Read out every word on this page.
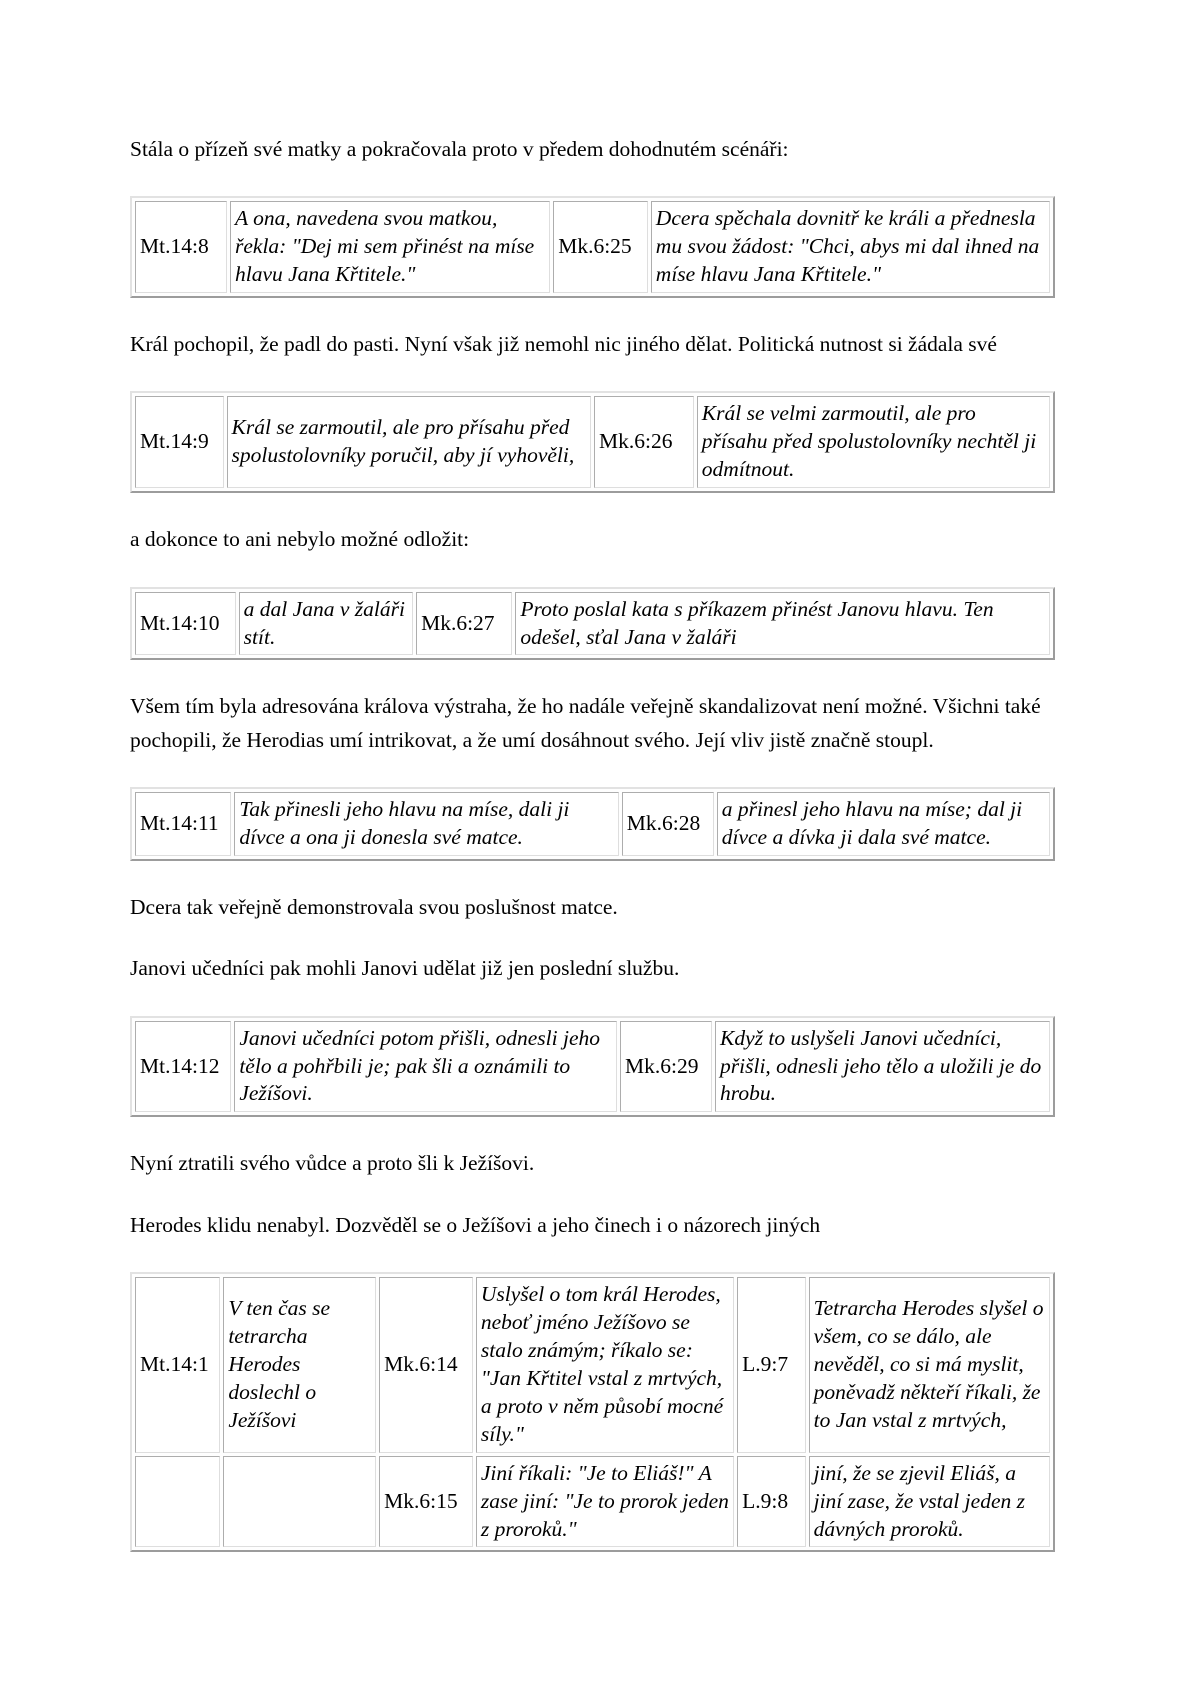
Stála o přízeň své matky a pokračovala proto v předem dohodnutém scénáři:

Mt.14:8	A ona, navedena svou matkou, řekla: "Dej mi sem přinést na míse hlavu Jana Křtitele."	Mk.6:25	Dcera spěchala dovnitř ke králi a přednesla mu svou žádost: "Chci, abys mi dal ihned na míse hlavu Jana Křtitele."

Král pochopil, že padl do pasti. Nyní však již nemohl nic jiného dělat. Politická nutnost si žádala své

Mt.14:9	Král se zarmoutil, ale pro přísahu před spolustolovníky poručil, aby jí vyhověli,	Mk.6:26	Král se velmi zarmoutil, ale pro přísahu před spolustolovníky nechtěl ji odmítnout.

a dokonce to ani nebylo možné odložit:

Mt.14:10	a dal Jana v žaláři stít.	Mk.6:27	Proto poslal kata s příkazem přinést Janovu hlavu. Ten odešel, sťal Jana v žaláři

Všem tím byla adresována králova výstraha, že ho nadále veřejně skandalizovat není možné. Všichni také pochopili, že Herodias umí intrikovat, a že umí dosáhnout svého. Její vliv jistě značně stoupl.

Mt.14:11	Tak přinesli jeho hlavu na míse, dali ji dívce a ona ji donesla své matce.	Mk.6:28	a přinesl jeho hlavu na míse; dal ji dívce a dívka ji dala své matce.

Dcera tak veřejně demonstrovala svou poslušnost matce.

Janovi učedníci pak mohli Janovi udělat již jen poslední službu.

Mt.14:12	Janovi učedníci potom přišli, odnesli jeho tělo a pohřbili je; pak šli a oznámili to Ježíšovi.	Mk.6:29	Když to uslyšeli Janovi učedníci, přišli, odnesli jeho tělo a uložili je do hrobu.

Nyní ztratili svého vůdce a proto šli k Ježíšovi.

Herodes klidu nenabyl. Dozvěděl se o Ježíšovi a jeho činech i o názorech jiných

Mt.14:1	V ten čas se tetrarcha Herodes doslechl o Ježíšovi	Mk.6:14	Uslyšel o tom král Herodes, neboť jméno Ježíšovo se stalo známým; říkalo se: "Jan Křtitel vstal z mrtvých, a proto v něm působí mocné síly."	L.9:7	Tetrarcha Herodes slyšel o všem, co se dálo, ale nevěděl, co si má myslit, poněvadž někteří říkali, že to Jan vstal z mrtvých,
		Mk.6:15	Jiní říkali: "Je to Eliáš!" A zase jiní: "Je to prorok jeden z proroků."	L.9:8	jiní, že se zjevil Eliáš, a jiní zase, že vstal jeden z dávných proroků.
